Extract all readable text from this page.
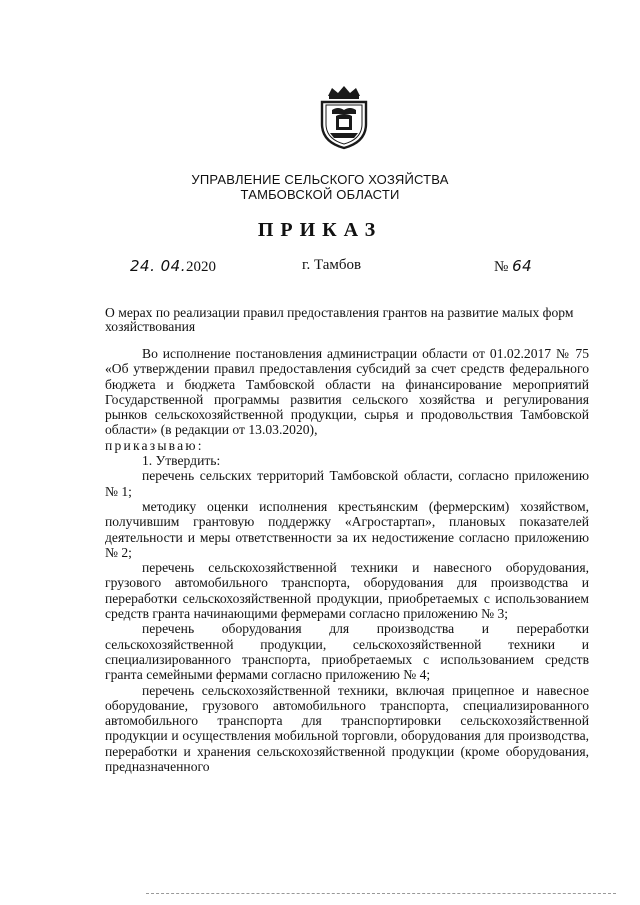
УПРАВЛЕНИЕ СЕЛЬСКОГО ХОЗЯЙСТВА
ТАМБОВСКОЙ ОБЛАСТИ
ПРИКАЗ
24. 04.2020	г. Тамбов	№ 64
О мерах по реализации правил предоставления грантов на развитие малых форм хозяйствования

Во исполнение постановления администрации области от 01.02.2017 № 75 «Об утверждении правил предоставления субсидий за счет средств федерального бюджета и бюджета Тамбовской области на финансирование мероприятий Государственной программы развития сельского хозяйства и регулирования рынков сельскохозяйственной продукции, сырья и продовольствия Тамбовской области» (в редакции от 13.03.2020),
приказываю:

1. Утвердить:

перечень сельских территорий Тамбовской области, согласно приложению № 1;

методику оценки исполнения крестьянским (фермерским) хозяйством, получившим грантовую поддержку «Агростартап», плановых показателей деятельности и меры ответственности за их недостижение согласно приложению № 2;

перечень сельскохозяйственной техники и навесного оборудования, грузового автомобильного транспорта, оборудования для производства и переработки сельскохозяйственной продукции, приобретаемых с использованием средств гранта начинающими фермерами согласно приложению № 3;

перечень оборудования для производства и переработки сельскохозяйственной продукции, сельскохозяйственной техники и специализированного транспорта, приобретаемых с использованием средств гранта семейными фермами согласно приложению № 4;

перечень сельскохозяйственной техники, включая прицепное и навесное оборудование, грузового автомобильного транспорта, специализированного автомобильного транспорта для транспортировки сельскохозяйственной продукции и осуществления мобильной торговли, оборудования для производства, переработки и хранения сельскохозяйственной продукции (кроме оборудования, предназначенного
